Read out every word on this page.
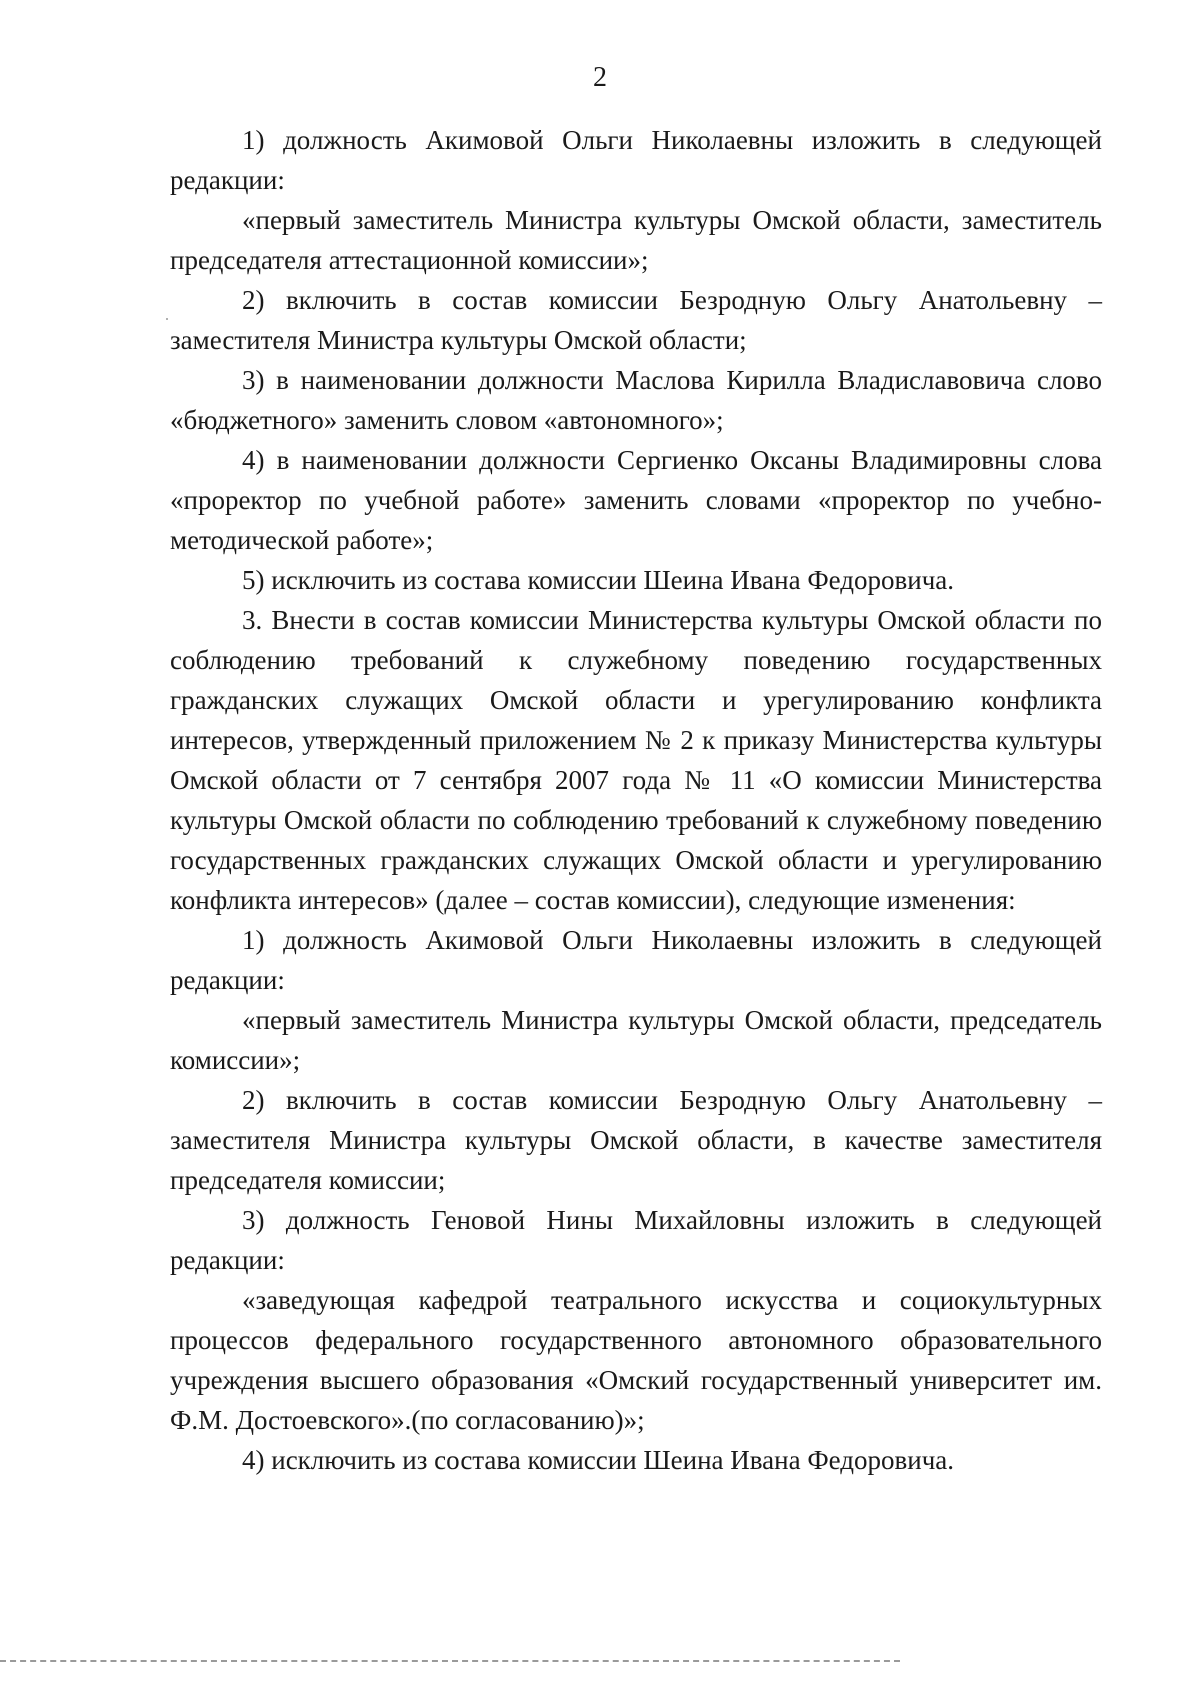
2

1) должность Акимовой Ольги Николаевны изложить в следующей редакции:

«первый заместитель Министра культуры Омской области, заместитель председателя аттестационной комиссии»;

2) включить в состав комиссии Безродную Ольгу Анатольевну – заместителя Министра культуры Омской области;

3) в наименовании должности Маслова Кирилла Владиславовича слово «бюджетного» заменить словом «автономного»;

4) в наименовании должности Сергиенко Оксаны Владимировны слова «проректор по учебной работе» заменить словами «проректор по учебно-методической работе»;

5) исключить из состава комиссии Шеина Ивана Федоровича.

3. Внести в состав комиссии Министерства культуры Омской области по соблюдению требований к служебному поведению государственных гражданских служащих Омской области и урегулированию конфликта интересов, утвержденный приложением № 2 к приказу Министерства культуры Омской области от 7 сентября 2007 года № 11 «О комиссии Министерства культуры Омской области по соблюдению требований к служебному поведению государственных гражданских служащих Омской области и урегулированию конфликта интересов» (далее – состав комиссии), следующие изменения:

1) должность Акимовой Ольги Николаевны изложить в следующей редакции:

«первый заместитель Министра культуры Омской области, председатель комиссии»;

2) включить в состав комиссии Безродную Ольгу Анатольевну – заместителя Министра культуры Омской области, в качестве заместителя председателя комиссии;

3) должность Геновой Нины Михайловны изложить в следующей редакции:

«заведующая кафедрой театрального искусства и социокультурных процессов федерального государственного автономного образовательного учреждения высшего образования «Омский государственный университет им. Ф.М. Достоевского».(по согласованию)»;

4) исключить из состава комиссии Шеина Ивана Федоровича.
